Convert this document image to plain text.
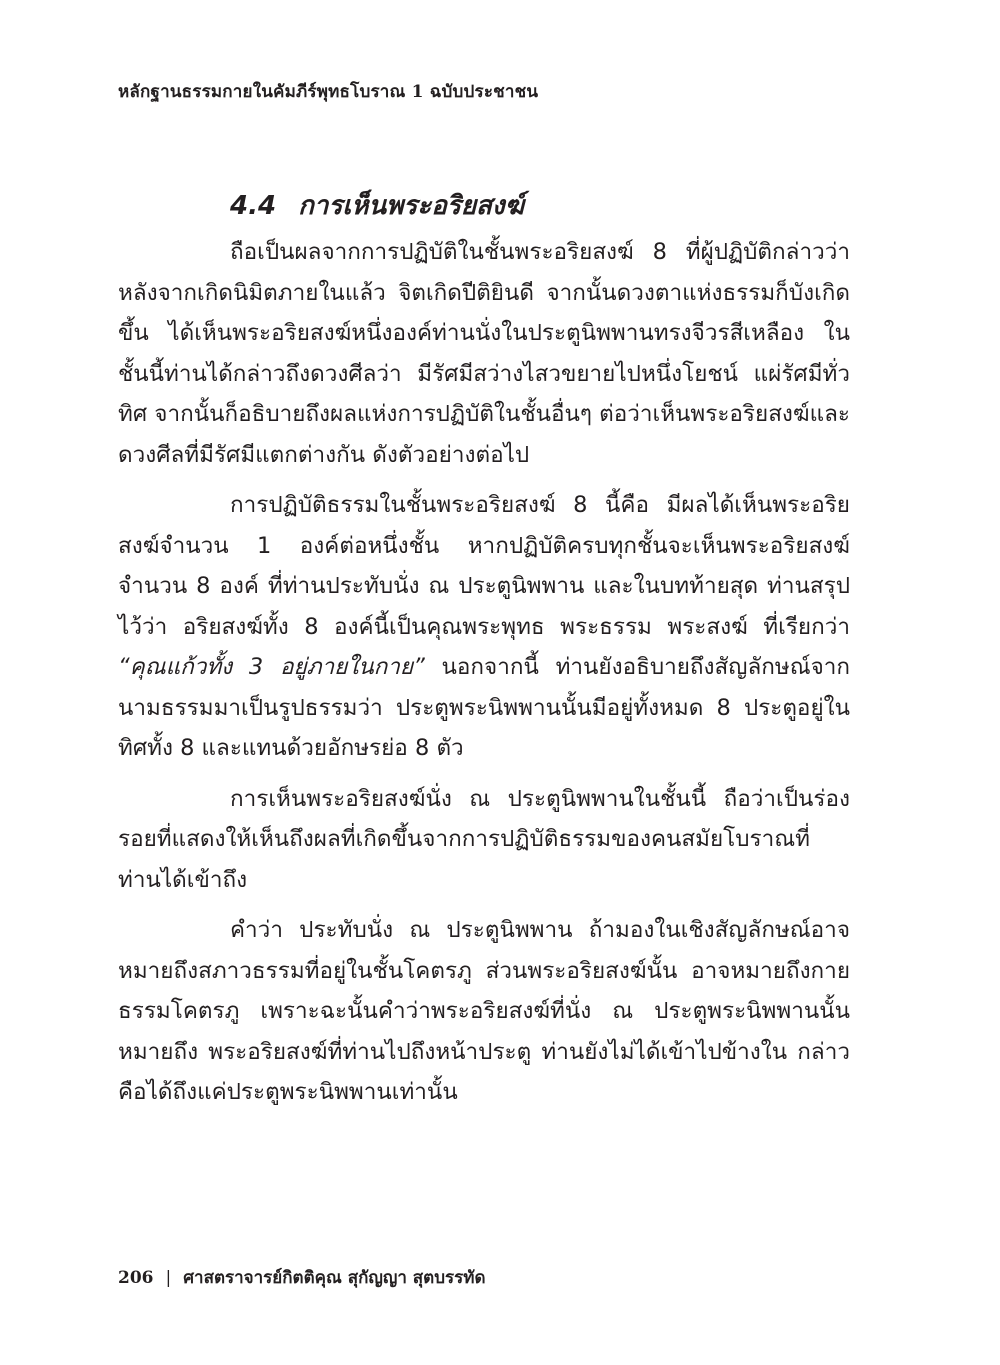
หลักฐานธรรมกายในคัมภีร์พุทธโบราณ 1 ฉบับประชาชน
4.4 การเห็นพระอริยสงฆ์

ถือเป็นผลจากการปฏิบัติในชั้นพระอริยสงฆ์ 8 ที่ผู้ปฏิบัติกล่าวว่า หลังจากเกิดนิมิตภายในแล้ว จิตเกิดปีติยินดี จากนั้นดวงตาแห่งธรรมก็บังเกิดขึ้น ได้เห็นพระอริยสงฆ์หนึ่งองค์ท่านนั่งในประตูนิพพานทรงจีวรสีเหลือง ในชั้นนี้ท่านได้กล่าวถึงดวงศีลว่า มีรัศมีสว่างไสวขยายไปหนึ่งโยชน์ แผ่รัศมีทั่วทิศ จากนั้นก็อธิบายถึงผลแห่งการปฏิบัติในชั้นอื่นๆ ต่อว่าเห็นพระอริยสงฆ์และดวงศีลที่มีรัศมีแตกต่างกัน ดังตัวอย่างต่อไป

การปฏิบัติธรรมในชั้นพระอริยสงฆ์ 8 นี้คือ มีผลได้เห็นพระอริยสงฆ์จำนวน 1 องค์ต่อหนึ่งชั้น หากปฏิบัติครบทุกชั้นจะเห็นพระอริยสงฆ์จำนวน 8 องค์ ที่ท่านประทับนั่ง ณ ประตูนิพพาน และในบทท้ายสุด ท่านสรุปไว้ว่า อริยสงฆ์ทั้ง 8 องค์นี้เป็นคุณพระพุทธ พระธรรม พระสงฆ์ ที่เรียกว่า “คุณแก้วทั้ง 3 อยู่ภายในกาย” นอกจากนี้ ท่านยังอธิบายถึงสัญลักษณ์จากนามธรรมมาเป็นรูปธรรมว่า ประตูพระนิพพานนั้นมีอยู่ทั้งหมด 8 ประตูอยู่ในทิศทั้ง 8 และแทนด้วยอักษรย่อ 8 ตัว

การเห็นพระอริยสงฆ์นั่ง ณ ประตูนิพพานในชั้นนี้ ถือว่าเป็นร่องรอยที่แสดงให้เห็นถึงผลที่เกิดขึ้นจากการปฏิบัติธรรมของคนสมัยโบราณที่ท่านได้เข้าถึง

คำว่า ประทับนั่ง ณ ประตูนิพพาน ถ้ามองในเชิงสัญลักษณ์อาจหมายถึงสภาวธรรมที่อยู่ในชั้นโคตรภู ส่วนพระอริยสงฆ์นั้น อาจหมายถึงกายธรรมโคตรภู เพราะฉะนั้นคำว่าพระอริยสงฆ์ที่นั่ง ณ ประตูพระนิพพานนั้นหมายถึง พระอริยสงฆ์ที่ท่านไปถึงหน้าประตู ท่านยังไม่ได้เข้าไปข้างใน กล่าวคือได้ถึงแค่ประตูพระนิพพานเท่านั้น

206 | ศาสตราจารย์กิตติคุณ สุกัญญา สุตบรรทัด
